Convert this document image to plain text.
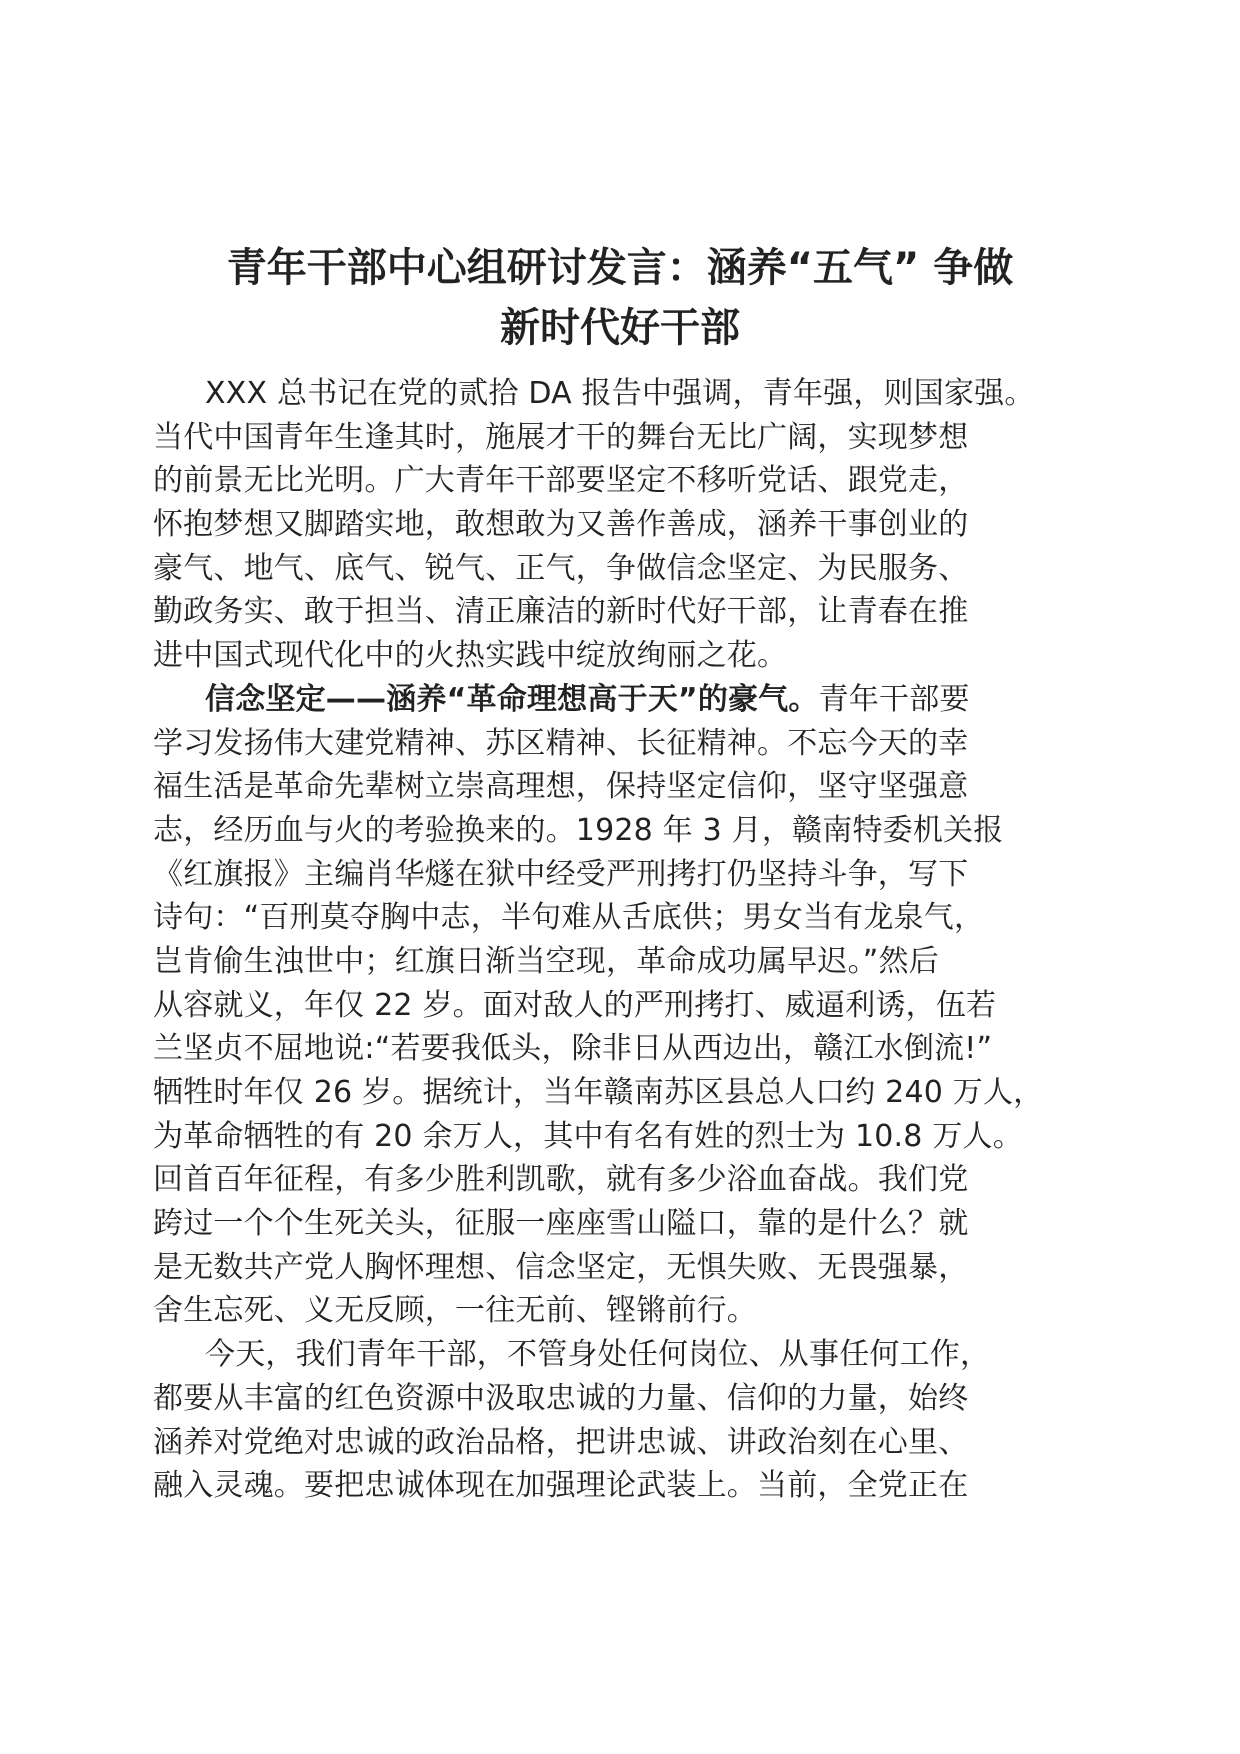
青年干部中心组研讨发言：涵养“五气” 争做
新时代好干部
XXX 总书记在党的贰拾 DA 报告中强调，青年强，则国家强。
当代中国青年生逢其时，施展才干的舞台无比广阔，实现梦想
的前景无比光明。广大青年干部要坚定不移听党话、跟党走，
怀抱梦想又脚踏实地，敢想敢为又善作善成，涵养干事创业的
豪气、地气、底气、锐气、正气，争做信念坚定、为民服务、
勤政务实、敢于担当、清正廉洁的新时代好干部，让青春在推
进中国式现代化中的火热实践中绽放绚丽之花。
信念坚定——涵养“革命理想高于天”的豪气。青年干部要
学习发扬伟大建党精神、苏区精神、长征精神。不忘今天的幸
福生活是革命先辈树立崇高理想，保持坚定信仰，坚守坚强意
志，经历血与火的考验换来的。1928 年 3 月，赣南特委机关报
《红旗报》主编肖华燧在狱中经受严刑拷打仍坚持斗争，写下
诗句：“百刑莫夺胸中志，半句难从舌底供；男女当有龙泉气，
岂肯偷生浊世中；红旗日渐当空现，革命成功属早迟。”然后
从容就义，年仅 22 岁。面对敌人的严刑拷打、威逼利诱，伍若
兰坚贞不屈地说:“若要我低头，除非日从西边出，赣江水倒流!”
牺牲时年仅 26 岁。据统计，当年赣南苏区县总人口约 240 万人，
为革命牺牲的有 20 余万人，其中有名有姓的烈士为 10.8 万人。
回首百年征程，有多少胜利凯歌，就有多少浴血奋战。我们党
跨过一个个生死关头，征服一座座雪山隘口，靠的是什么？就
是无数共产党人胸怀理想、信念坚定，无惧失败、无畏强暴，
舍生忘死、义无反顾，一往无前、铿锵前行。
今天，我们青年干部，不管身处任何岗位、从事任何工作，
都要从丰富的红色资源中汲取忠诚的力量、信仰的力量，始终
涵养对党绝对忠诚的政治品格，把讲忠诚、讲政治刻在心里、
融入灵魂。要把忠诚体现在加强理论武装上。当前，全党正在
